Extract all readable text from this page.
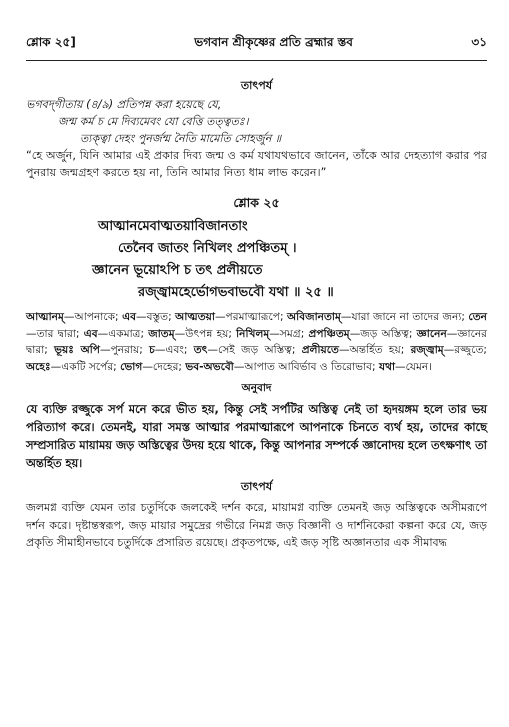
শ্লোক ২৫]	ভগবান শ্রীকৃষ্ণের প্রতি ব্রহ্মার স্তব	৩১
তাৎপর্য

ভগবদ্‌গীতায় (৪/৯) প্রতিপন্ন করা হয়েছে যে,

জন্ম কর্ম চ মে দিব্যমেবং যো বেত্তি তত্ত্বতঃ।

ত্যক্ত্বা দেহং পুনর্জন্ম নৈতি মামেতি সোহর্জুন ॥

“হে অর্জুন, যিনি আমার এই প্রকার দিব্য জন্ম ও কর্ম যথাযথভাবে জানেন, তাঁকে আর দেহত্যাগ করার পর পুনরায় জন্মগ্রহণ করতে হয় না, তিনি আমার নিত্য ধাম লাভ করেন।”

শ্লোক ২৫

আত্মানমেবাত্মতয়াবিজানতাং

তেনৈব জাতং নিখিলং প্রপঞ্চিতম্‌ ।

জ্ঞানেন ভূয়োঽপি চ তৎ প্রলীয়তে

রজ্জ্বামহের্ভোগভবাভবৌ যথা ॥ ২৫ ॥

আত্মানম্‌—আপনাকে; এব—বস্তুত; আত্মতয়া—পরমাত্মারূপে; অবিজানতাম্‌—যারা জানে না তাদের জন্য; তেন—তার দ্বারা; এব—একমাত্র; জাতম্‌—উৎপন্ন হয়; নিখিলম্‌—সমগ্র; প্রপঞ্চিতম্‌—জড় অস্তিত্ব; জ্ঞানেন—জ্ঞানের দ্বারা; ভূয়ঃ অপি—পুনরায়; চ—এবং; তৎ—সেই জড় অস্তিত্ব; প্রলীয়তে—অন্তর্হিত হয়; রজ্জ্বাম্‌—রজ্জুতে; অহেঃ—একটি সর্পের; ভোগ—দেহের; ভব-অভবৌ—আপাত আবির্ভাব ও তিরোভাব; যথা—যেমন।
অনুবাদ

যে ব্যক্তি রজ্জুকে সর্প মনে করে ভীত হয়, কিন্তু সেই সর্পটির অস্তিত্ব নেই তা হৃদয়ঙ্গম হলে তার ভয় পরিত্যাগ করে। তেমনই, যারা সমস্ত আত্মার পরমাত্মারূপে আপনাকে চিনতে ব্যর্থ হয়, তাদের কাছে সম্প্রসারিত মায়াময় জড় অস্তিত্বের উদয় হয়ে থাকে, কিন্তু আপনার সম্পর্কে জ্ঞানোদয় হলে তৎক্ষণাৎ তা অন্তর্হিত হয়।

তাৎপর্য

জলমগ্ন ব্যক্তি যেমন তার চতুর্দিকে জলকেই দর্শন করে, মায়ামগ্ন ব্যক্তি তেমনই জড় অস্তিত্বকে অসীমরূপে দর্শন করে। দৃষ্টান্তস্বরূপ, জড় মায়ার সমুদ্রের গভীরে নিমগ্ন জড় বিজ্ঞানী ও দার্শনিকেরা কল্পনা করে যে, জড় প্রকৃতি সীমাহীনভাবে চতুর্দিকে প্রসারিত রয়েছে। প্রকৃতপক্ষে, এই জড় সৃষ্টি অজ্ঞানতার এক সীমাবদ্ধ
